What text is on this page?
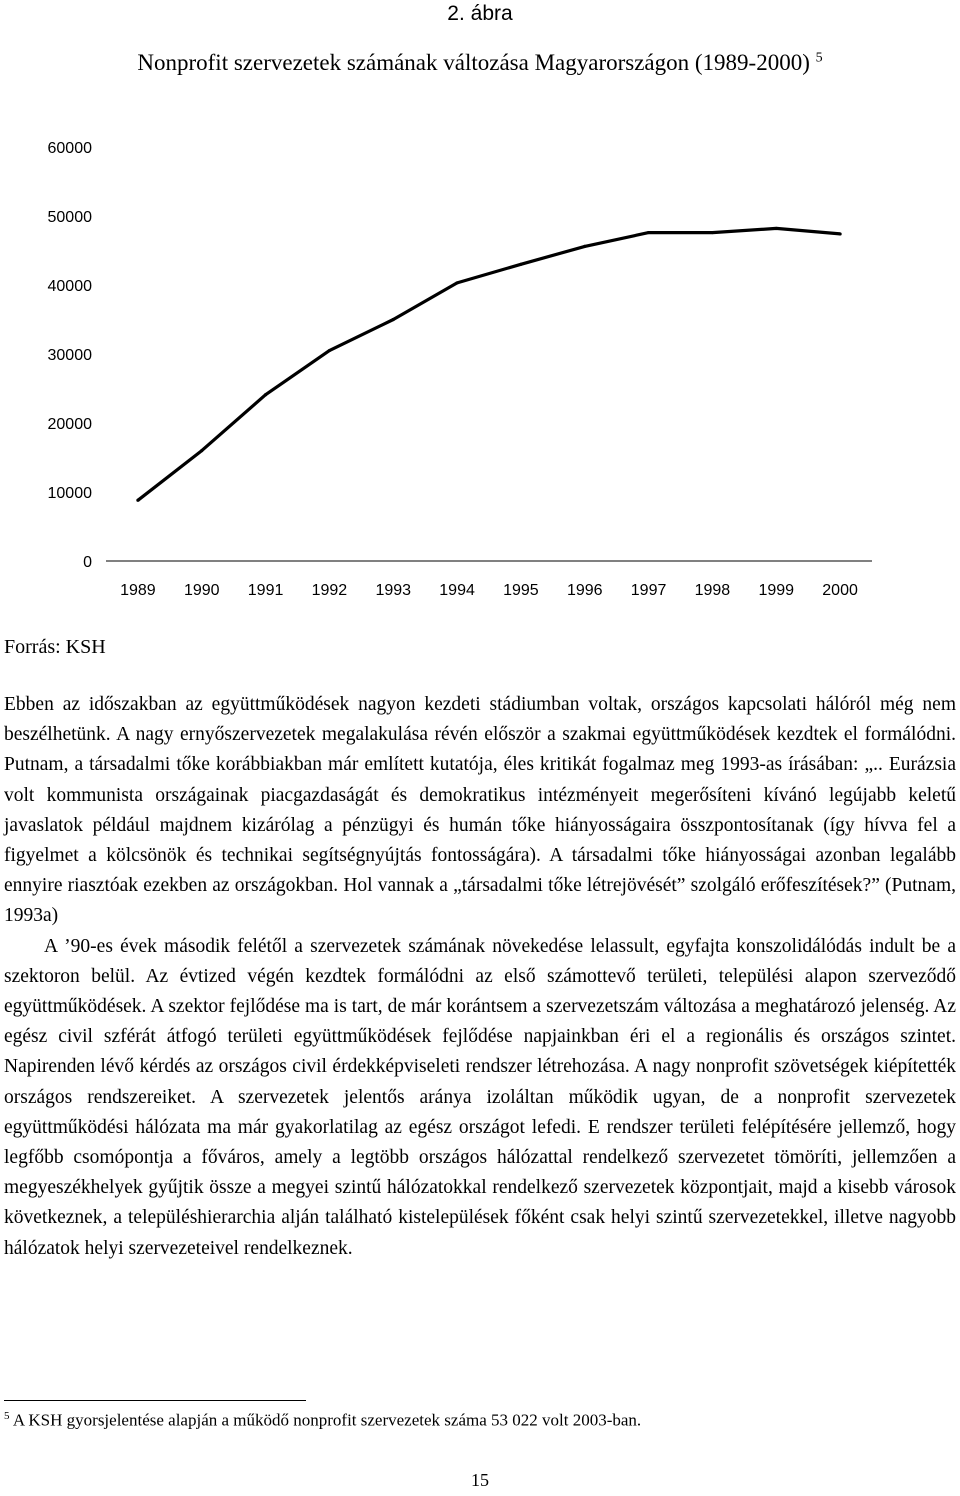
2. ábra
Nonprofit szervezetek számának változása Magyarországon (1989-2000) $^5$
0
10000
20000
30000
40000
50000
60000
1989 1990 1991 1992 1993 1994 1995 1996 1997 1998 1999 2000
Forrás: KSH

Ebben az időszakban az együttműködések nagyon kezdeti stádiumban voltak, országos kapcsolati hálóról még nem beszélhetünk. A nagy ernyőszervezetek megalakulása révén először a szakmai együttműködések kezdtek el formálódni. Putnam, a társadalmi tőke korábbiakban már említett kutatója, éles kritikát fogalmaz meg 1993-as írásában: „.. Eurázsia volt kommunista országainak piacgazdaságát és demokratikus intézményeit megerősíteni kívánó legújabb keletű javaslatok például majdnem kizárólag a pénzügyi és humán tőke hiányosságaira összpontosítanak (így hívva fel a figyelmet a kölcsönök és technikai segítségnyújtás fontosságára). A társadalmi tőke hiányosságai azonban legalább ennyire riasztóak ezekben az országokban. Hol vannak a „társadalmi tőke létrejövését” szolgáló erőfeszítések?” (Putnam, 1993a)

A ’90-es évek második felétől a szervezetek számának növekedése lelassult, egyfajta konszolidálódás indult be a szektoron belül. Az évtized végén kezdtek formálódni az első számottevő területi, települési alapon szerveződő együttműködések. A szektor fejlődése ma is tart, de már korántsem a szervezetszám változása a meghatározó jelenség. Az egész civil szférát átfogó területi együttműködések fejlődése napjainkban éri el a regionális és országos szintet. Napirenden lévő kérdés az országos civil érdekképviseleti rendszer létrehozása. A nagy nonprofit szövetségek kiépítették országos rendszereiket. A szervezetek jelentős aránya izoláltan működik ugyan, de a nonprofit szervezetek együttműködési hálózata ma már gyakorlatilag az egész országot lefedi. E rendszer területi felépítésére jellemző, hogy legfőbb csomópontja a főváros, amely a legtöbb országos hálózattal rendelkező szervezetet tömöríti, jellemzően a megyeszékhelyek gyűjtik össze a megyei szintű hálózatokkal rendelkező szervezetek központjait, majd a kisebb városok következnek, a településhierarchia alján található kistelepülések főként csak helyi szintű szervezetekkel, illetve nagyobb hálózatok helyi szervezeteivel rendelkeznek.

$^5$ A KSH gyorsjelentése alapján a működő nonprofit szervezetek száma 53 022 volt 2003-ban.
15
